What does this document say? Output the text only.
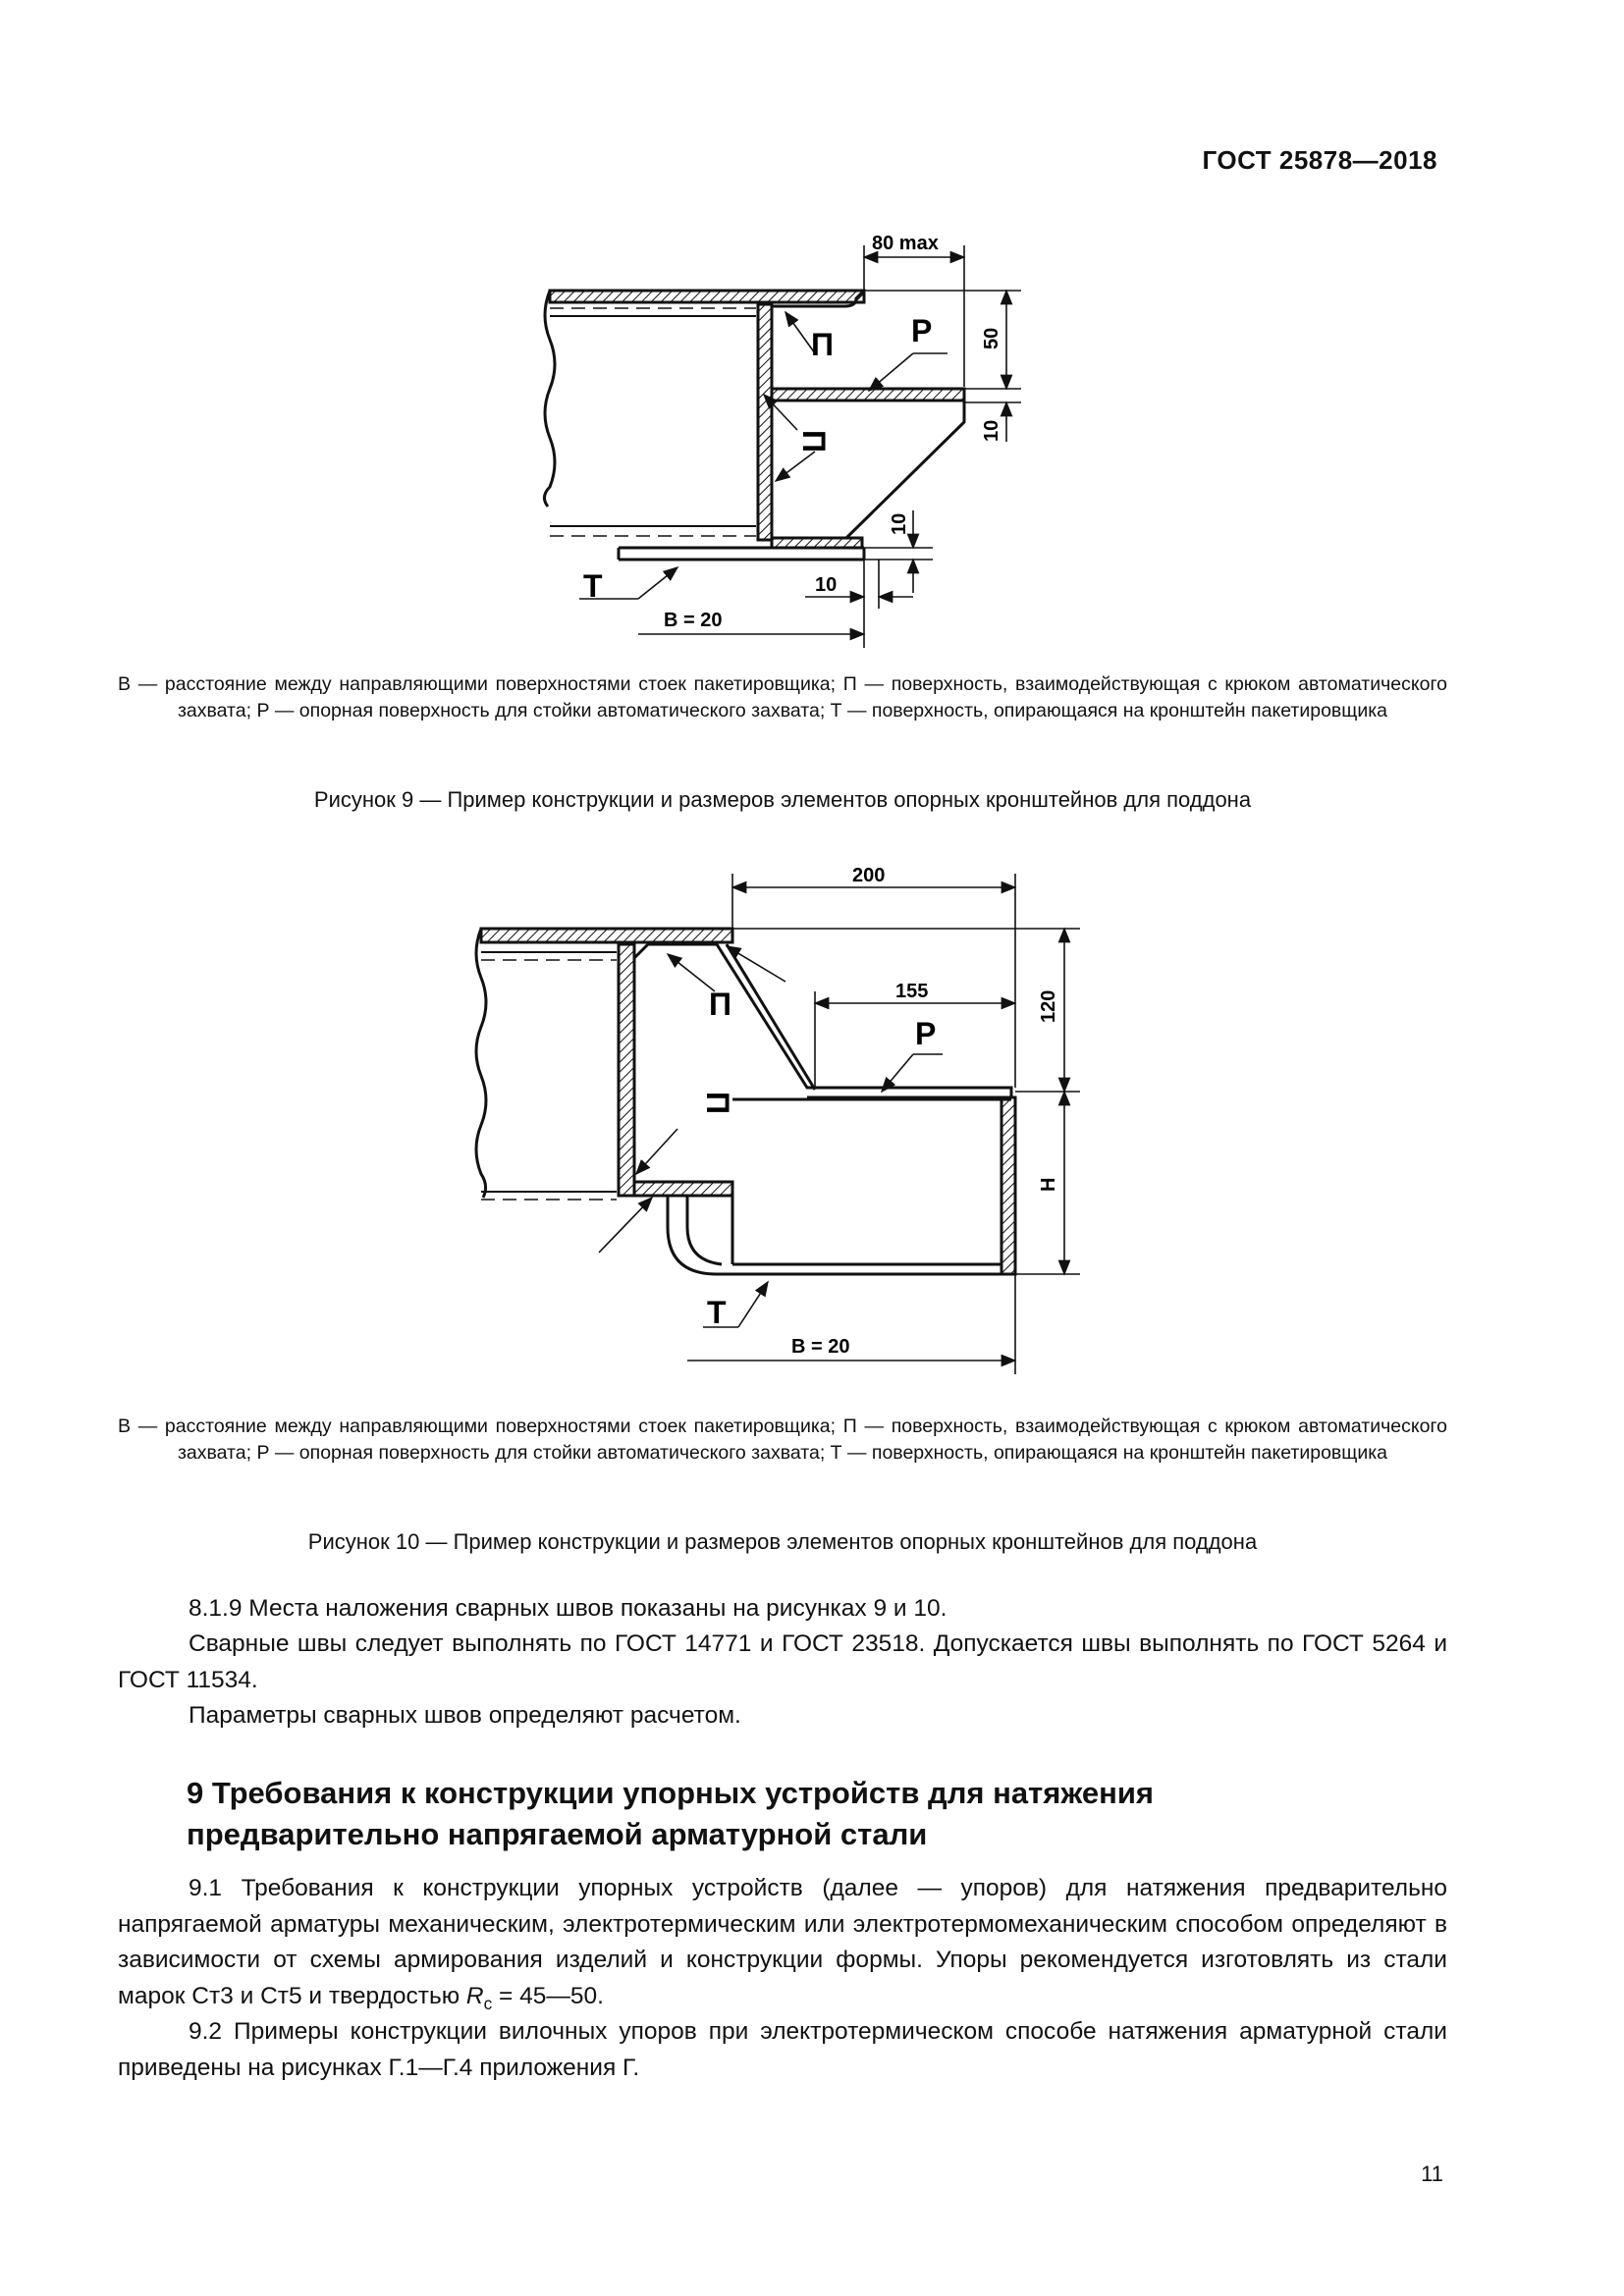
ГОСТ 25878—2018
80 max
50
10
10
10
B = 20
П Р
П
Т
В — расстояние между направляющими поверхностями стоек пакетировщика; П — поверхность, взаимодействующая с крюком автоматического захвата; Р — опорная поверхность для стойки автоматического захвата; Т — поверхность, опирающаяся на кронштейн пакетировщика
Рисунок 9 — Пример конструкции и размеров элементов опорных кронштейнов для поддона
200
155	120
H
B = 20
П
Р
П
Т
В — расстояние между направляющими поверхностями стоек пакетировщика; П — поверхность, взаимодействующая с крюком автоматического захвата; Р — опорная поверхность для стойки автоматического захвата; Т — поверхность, опирающаяся на кронштейн пакетировщика
Рисунок 10 — Пример конструкции и размеров элементов опорных кронштейнов для поддона

8.1.9 Места наложения сварных швов показаны на рисунках 9 и 10.

Сварные швы следует выполнять по ГОСТ 14771 и ГОСТ 23518. Допускается швы выполнять по ГОСТ 5264 и ГОСТ 11534.

Параметры сварных швов определяют расчетом.

9 Требования к конструкции упорных устройств для натяжения предварительно напрягаемой арматурной стали

9.1 Требования к конструкции упорных устройств (далее — упоров) для натяжения предварительно напрягаемой арматуры механическим, электротермическим или электротермомеханическим способом определяют в зависимости от схемы армирования изделий и конструкции формы. Упоры рекомендуется изготовлять из стали марок Ст3 и Ст5 и твердостью $R_c$ = 45—50.

9.2 Примеры конструкции вилочных упоров при электротермическом способе натяжения арматурной стали приведены на рисунках Г.1—Г.4 приложения Г.

11
